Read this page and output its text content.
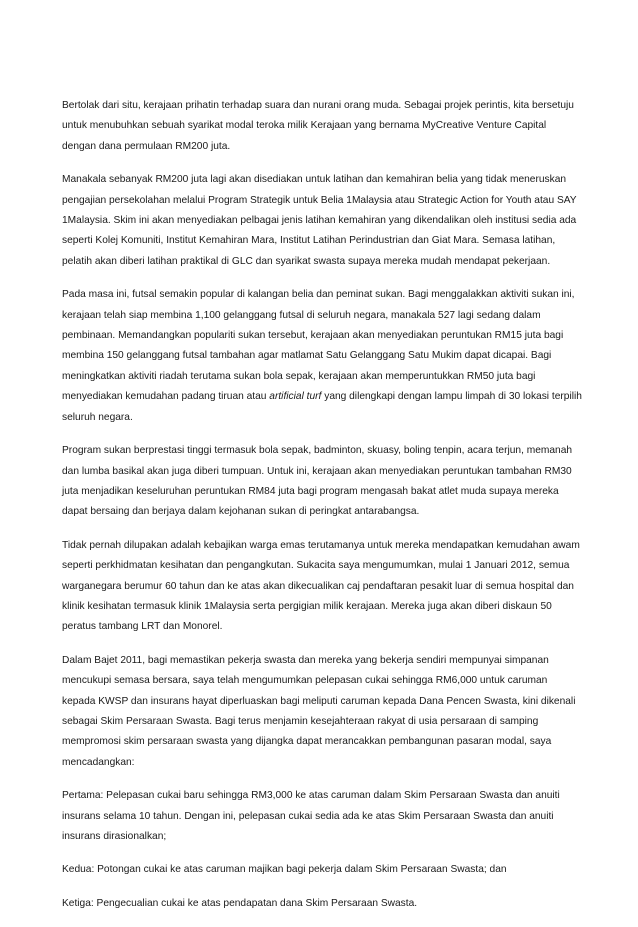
Bertolak dari situ, kerajaan prihatin terhadap suara dan nurani orang muda. Sebagai projek perintis, kita bersetuju untuk menubuhkan sebuah syarikat modal teroka milik Kerajaan yang bernama MyCreative Venture Capital dengan dana permulaan RM200 juta.

Manakala sebanyak RM200 juta lagi akan disediakan untuk latihan dan kemahiran belia yang tidak meneruskan pengajian persekolahan melalui Program Strategik untuk Belia 1Malaysia atau Strategic Action for Youth atau SAY 1Malaysia. Skim ini akan menyediakan pelbagai jenis latihan kemahiran yang dikendalikan oleh institusi sedia ada seperti Kolej Komuniti, Institut Kemahiran Mara, Institut Latihan Perindustrian dan Giat Mara. Semasa latihan, pelatih akan diberi latihan praktikal di GLC dan syarikat swasta supaya mereka mudah mendapat pekerjaan.

Pada masa ini, futsal semakin popular di kalangan belia dan peminat sukan. Bagi menggalakkan aktiviti sukan ini, kerajaan telah siap membina 1,100 gelanggang futsal di seluruh negara, manakala 527 lagi sedang dalam pembinaan. Memandangkan populariti sukan tersebut, kerajaan akan menyediakan peruntukan RM15 juta bagi membina 150 gelanggang futsal tambahan agar matlamat Satu Gelanggang Satu Mukim dapat dicapai. Bagi meningkatkan aktiviti riadah terutama sukan bola sepak, kerajaan akan memperuntukkan RM50 juta bagi menyediakan kemudahan padang tiruan atau artificial turf yang dilengkapi dengan lampu limpah di 30 lokasi terpilih seluruh negara.

Program sukan berprestasi tinggi termasuk bola sepak, badminton, skuasy, boling tenpin, acara terjun, memanah dan lumba basikal akan juga diberi tumpuan. Untuk ini, kerajaan akan menyediakan peruntukan tambahan RM30 juta menjadikan keseluruhan peruntukan RM84 juta bagi program mengasah bakat atlet muda supaya mereka dapat bersaing dan berjaya dalam kejohanan sukan di peringkat antarabangsa.

Tidak pernah dilupakan adalah kebajikan warga emas terutamanya untuk mereka mendapatkan kemudahan awam seperti perkhidmatan kesihatan dan pengangkutan. Sukacita saya mengumumkan, mulai 1 Januari 2012, semua warganegara berumur 60 tahun dan ke atas akan dikecualikan caj pendaftaran pesakit luar di semua hospital dan klinik kesihatan termasuk klinik 1Malaysia serta pergigian milik kerajaan. Mereka juga akan diberi diskaun 50 peratus tambang LRT dan Monorel.

Dalam Bajet 2011, bagi memastikan pekerja swasta dan mereka yang bekerja sendiri mempunyai simpanan mencukupi semasa bersara, saya telah mengumumkan pelepasan cukai sehingga RM6,000 untuk caruman kepada KWSP dan insurans hayat diperluaskan bagi meliputi caruman kepada Dana Pencen Swasta, kini dikenali sebagai Skim Persaraan Swasta. Bagi terus menjamin kesejahteraan rakyat di usia persaraan di samping mempromosi skim persaraan swasta yang dijangka dapat merancakkan pembangunan pasaran modal, saya mencadangkan:

Pertama: Pelepasan cukai baru sehingga RM3,000 ke atas caruman dalam Skim Persaraan Swasta dan anuiti insurans selama 10 tahun. Dengan ini, pelepasan cukai sedia ada ke atas Skim Persaraan Swasta dan anuiti insurans dirasionalkan;

Kedua: Potongan cukai ke atas caruman majikan bagi pekerja dalam Skim Persaraan Swasta; dan

Ketiga: Pengecualian cukai ke atas pendapatan dana Skim Persaraan Swasta.
